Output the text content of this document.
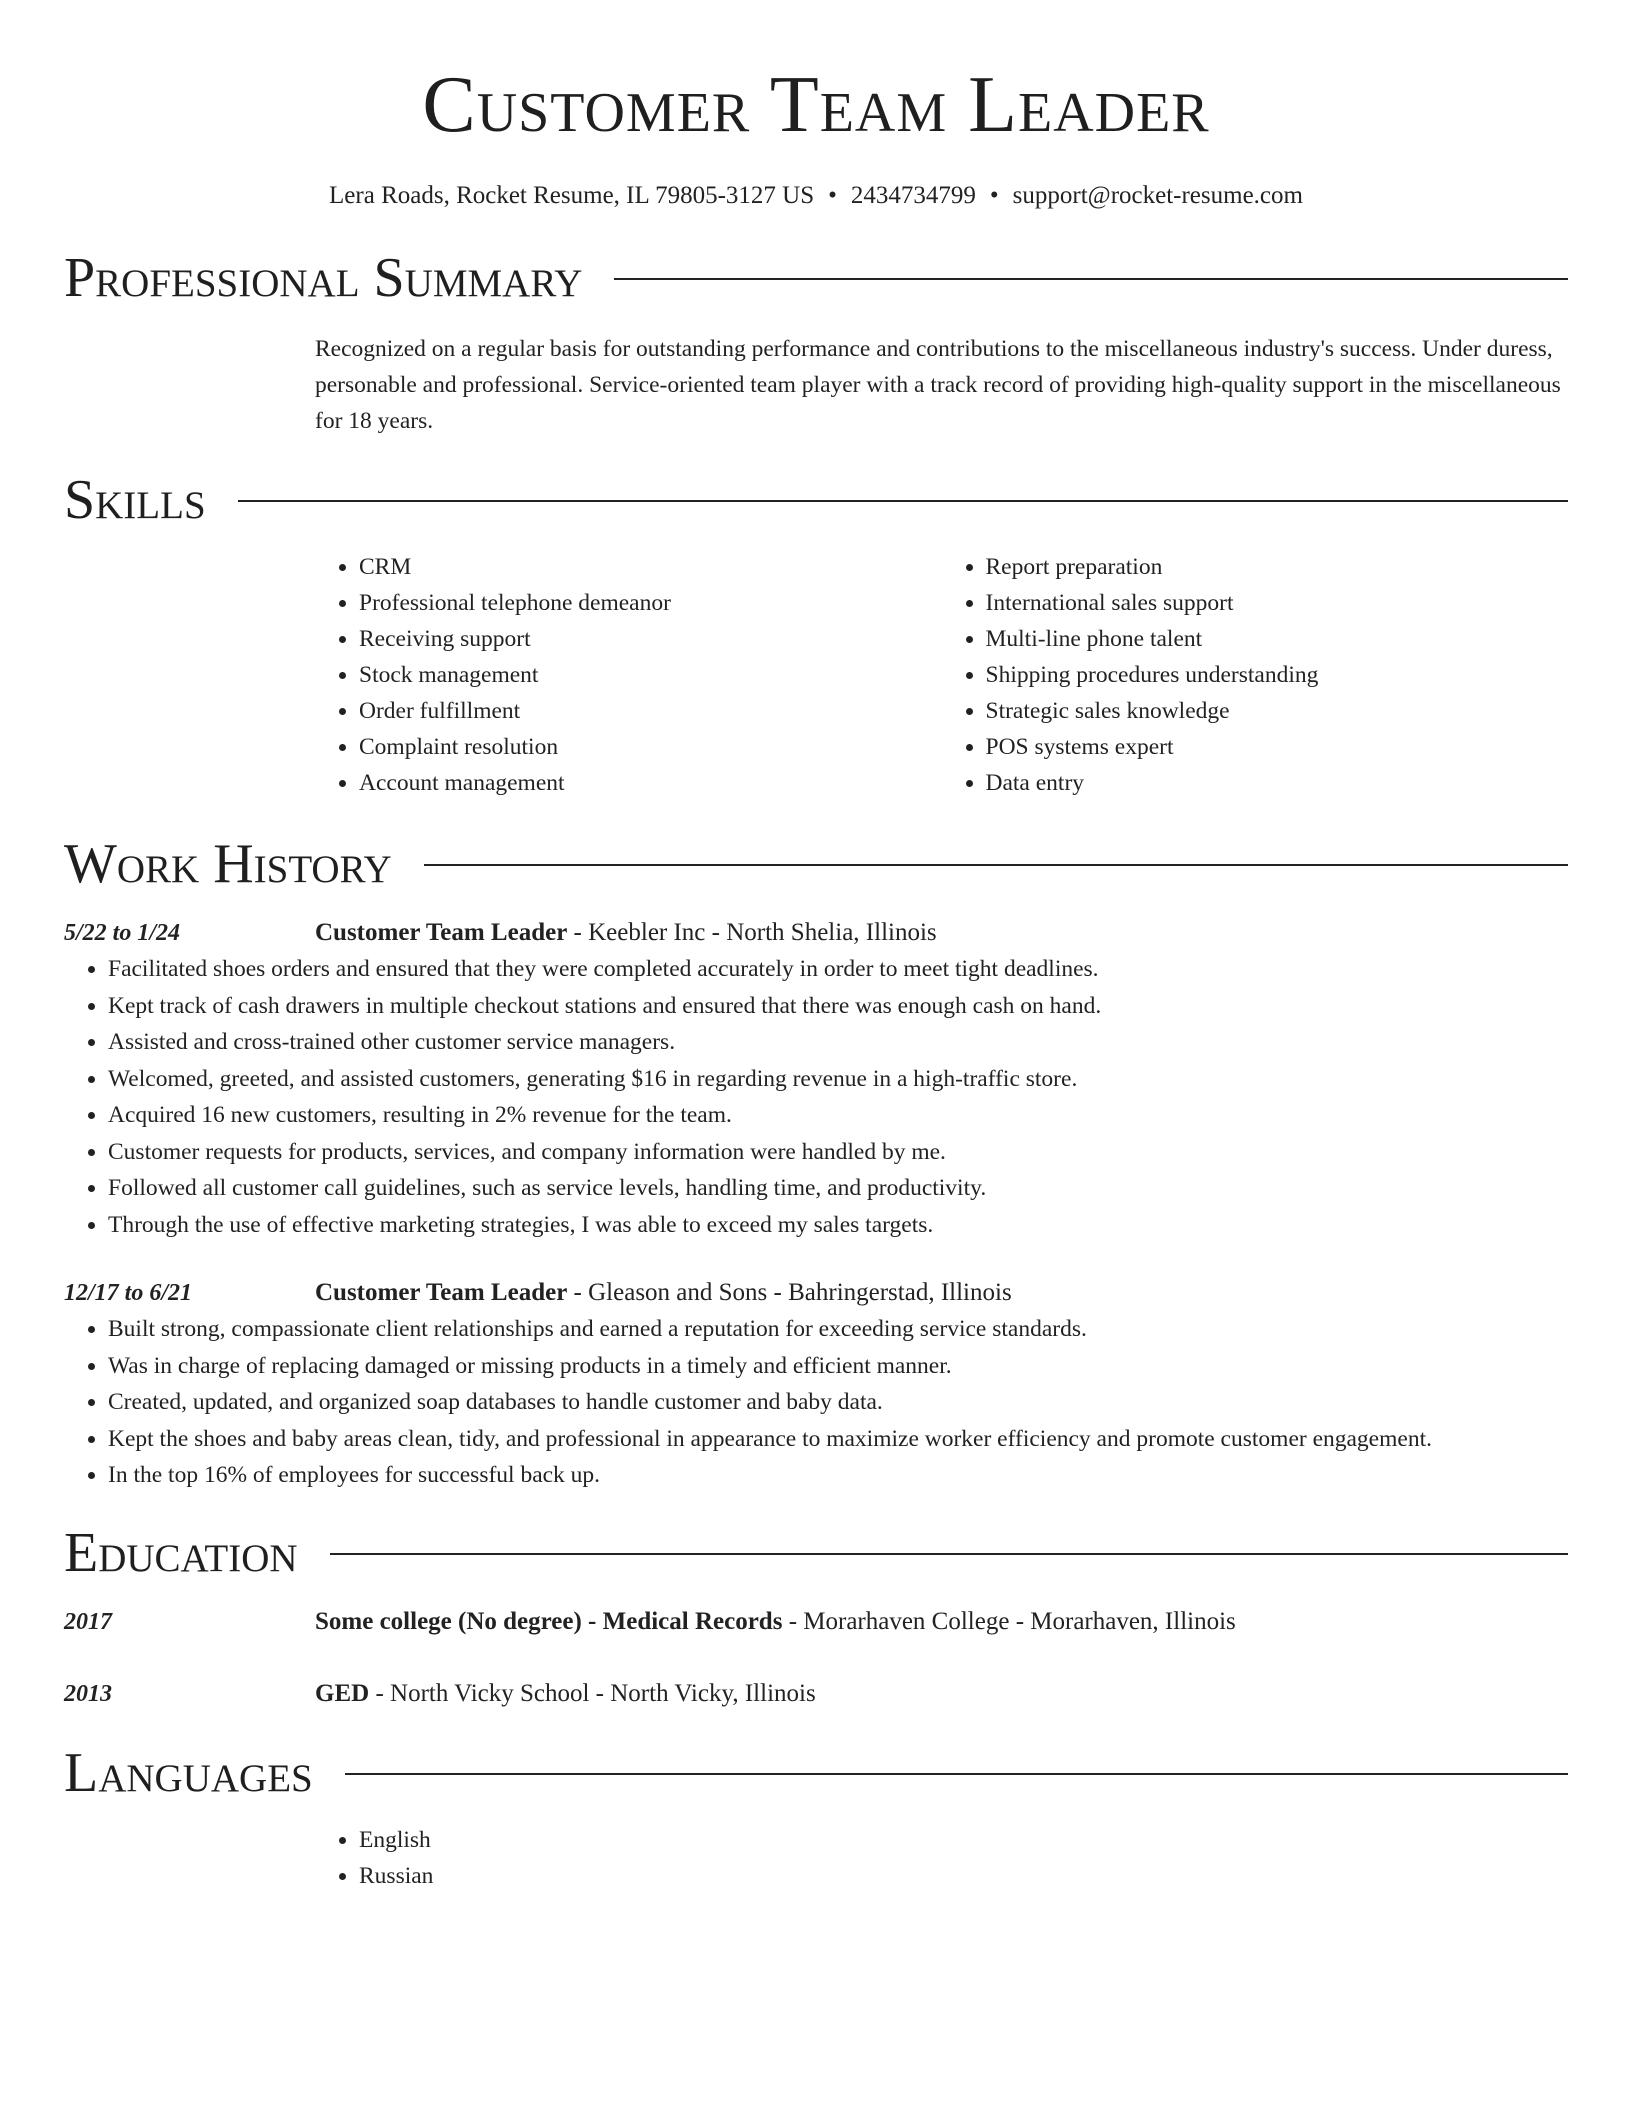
Customer Team Leader
Lera Roads, Rocket Resume, IL 79805-3127 US • 2434734799 • support@rocket-resume.com
Professional Summary

Recognized on a regular basis for outstanding performance and contributions to the miscellaneous industry's success. Under duress, personable and professional. Service-oriented team player with a track record of providing high-quality support in the miscellaneous for 18 years.

Skills
• CRM
• Professional telephone demeanor
• Receiving support
• Stock management
• Order fulfillment
• Complaint resolution
• Account management
• Report preparation
• International sales support
• Multi-line phone talent
• Shipping procedures understanding
• Strategic sales knowledge
• POS systems expert
• Data entry
Work History
5/22 to 1/24	Customer Team Leader - Keebler Inc - North Shelia, Illinois
• Facilitated shoes orders and ensured that they were completed accurately in order to meet tight deadlines.
• Kept track of cash drawers in multiple checkout stations and ensured that there was enough cash on hand.
• Assisted and cross-trained other customer service managers.
• Welcomed, greeted, and assisted customers, generating $16 in regarding revenue in a high-traffic store.
• Acquired 16 new customers, resulting in 2% revenue for the team.
• Customer requests for products, services, and company information were handled by me.
• Followed all customer call guidelines, such as service levels, handling time, and productivity.
• Through the use of effective marketing strategies, I was able to exceed my sales targets.
12/17 to 6/21	Customer Team Leader - Gleason and Sons - Bahringerstad, Illinois
• Built strong, compassionate client relationships and earned a reputation for exceeding service standards.
• Was in charge of replacing damaged or missing products in a timely and efficient manner.
• Created, updated, and organized soap databases to handle customer and baby data.
• Kept the shoes and baby areas clean, tidy, and professional in appearance to maximize worker efficiency and promote customer engagement.
• In the top 16% of employees for successful back up.
Education
2017	Some college (No degree) - Medical Records - Morarhaven College - Morarhaven, Illinois
2013	GED - North Vicky School - North Vicky, Illinois
Languages
• English
• Russian
